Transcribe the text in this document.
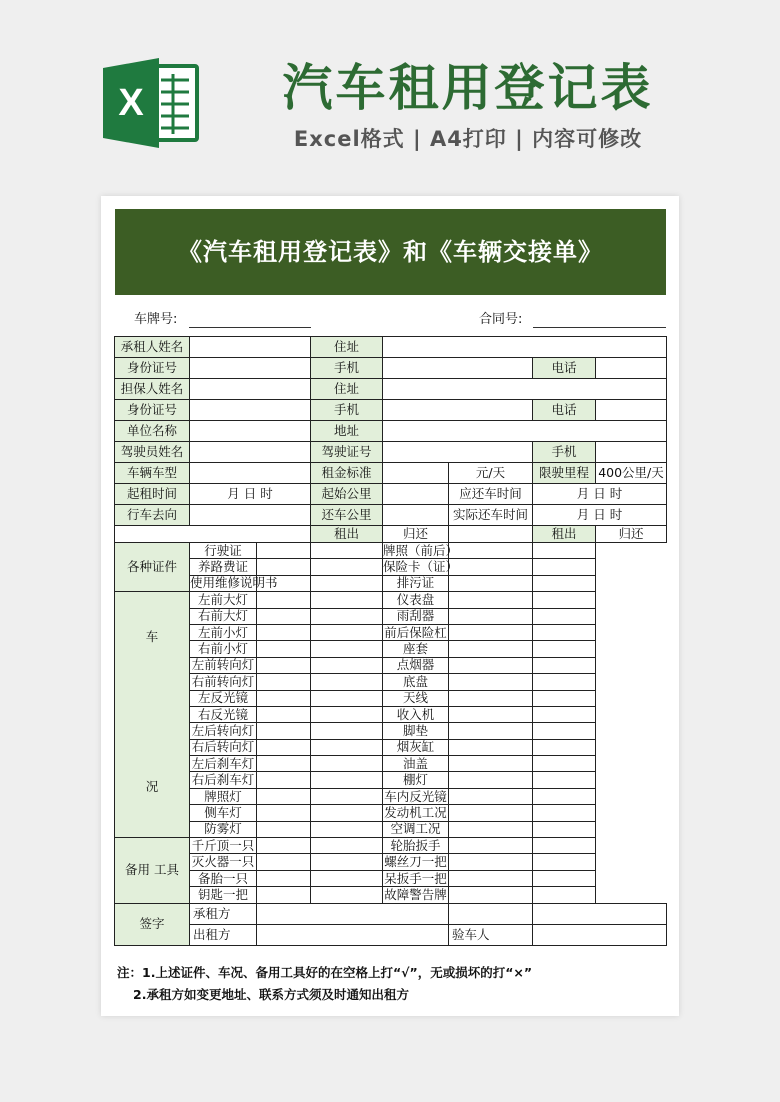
X	汽车租用登记表
Excel格式 | A4打印 | 内容可修改
《汽车租用登记表》和《车辆交接单》
车牌号:	合同号:
承租人姓名			住址				
身份证号			手机			电话	
担保人姓名			住址				
身份证号			手机			电话	
单位名称			地址				
驾驶员姓名			驾驶证号			手机	
车辆车型			租金标准		元/天	限驶里程	400公里/天
起租时间	月 日 时		起始公里		应还车时间	月 日 时	
行车去向			还车公里		实际还车时间	月 日 时	
			租出	归还		租出	归还
各种证件	行驶证			牌照（前后）			
	养路费证			保险卡（证）			
	使用维修说明书			排污证			

车
况	左前大灯			仪表盘			
	右前大灯			雨刮器			
	左前小灯			前后保险杠			
	右前小灯			座套			
	左前转向灯			点烟器			
	右前转向灯			底盘			
	左反光镜			天线			
	右反光镜			收入机			
	左后转向灯			脚垫			
	右后转向灯			烟灰缸			
	左后刹车灯			油盖			
	右后刹车灯			棚灯			
	牌照灯			车内反光镜			
	侧车灯			发动机工况			
	防雾灯			空调工况			
备用 工具	千斤顶一只			轮胎扳手			
	灭火器一只			螺丝刀一把			
	备胎一只			呆扳手一把			
	钥匙一把			故障警告牌			
签字	承租方						
	出租方				验车人		
注：1.上述证件、车况、备用工具好的在空格上打“√”，无或损坏的打“×”
2.承租方如变更地址、联系方式须及时通知出租方
